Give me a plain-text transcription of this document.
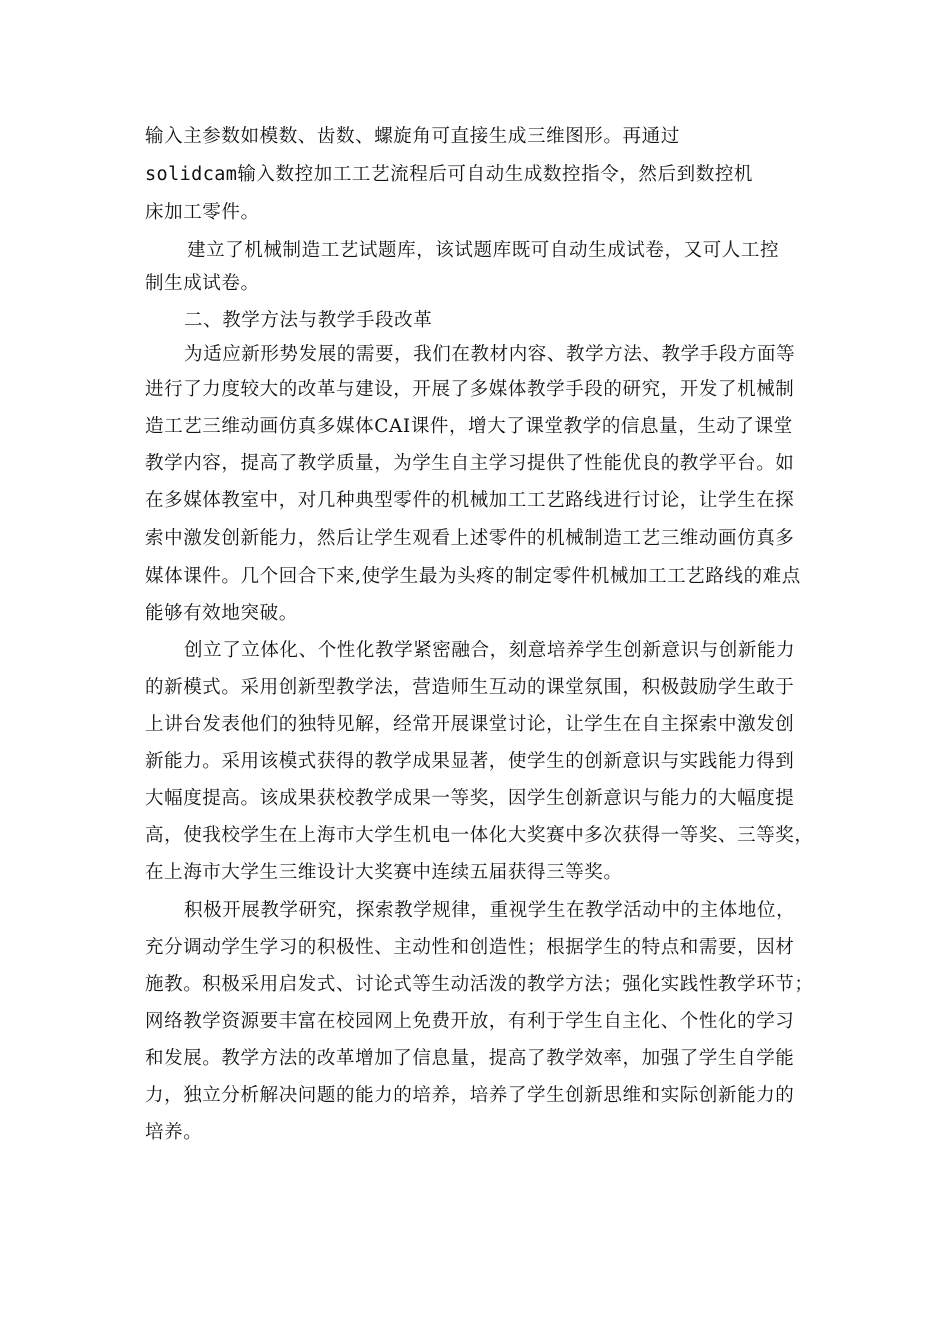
输入主参数如模数、齿数、螺旋角可直接生成三维图形。再通过
solidcam输入数控加工工艺流程后可自动生成数控指令，然后到数控机
床加工零件。
建立了机械制造工艺试题库，该试题库既可自动生成试卷，又可人工控
制生成试卷。
二、教学方法与教学手段改革
为适应新形势发展的需要，我们在教材内容、教学方法、教学手段方面等
进行了力度较大的改革与建设，开展了多媒体教学手段的研究，开发了机械制
造工艺三维动画仿真多媒体CAI课件，增大了课堂教学的信息量，生动了课堂
教学内容，提高了教学质量，为学生自主学习提供了性能优良的教学平台。如
在多媒体教室中，对几种典型零件的机械加工工艺路线进行讨论，让学生在探
索中激发创新能力，然后让学生观看上述零件的机械制造工艺三维动画仿真多
媒体课件。几个回合下来,使学生最为头疼的制定零件机械加工工艺路线的难点
能够有效地突破。
创立了立体化、个性化教学紧密融合，刻意培养学生创新意识与创新能力
的新模式。采用创新型教学法，营造师生互动的课堂氛围，积极鼓励学生敢于
上讲台发表他们的独特见解，经常开展课堂讨论，让学生在自主探索中激发创
新能力。采用该模式获得的教学成果显著，使学生的创新意识与实践能力得到
大幅度提高。该成果获校教学成果一等奖，因学生创新意识与能力的大幅度提
高，使我校学生在上海市大学生机电一体化大奖赛中多次获得一等奖、三等奖，
在上海市大学生三维设计大奖赛中连续五届获得三等奖。
积极开展教学研究，探索教学规律，重视学生在教学活动中的主体地位，
充分调动学生学习的积极性、主动性和创造性；根据学生的特点和需要，因材
施教。积极采用启发式、讨论式等生动活泼的教学方法；强化实践性教学环节；
网络教学资源要丰富在校园网上免费开放，有利于学生自主化、个性化的学习
和发展。教学方法的改革增加了信息量，提高了教学效率，加强了学生自学能
力，独立分析解决问题的能力的培养，培养了学生创新思维和实际创新能力的
培养。
